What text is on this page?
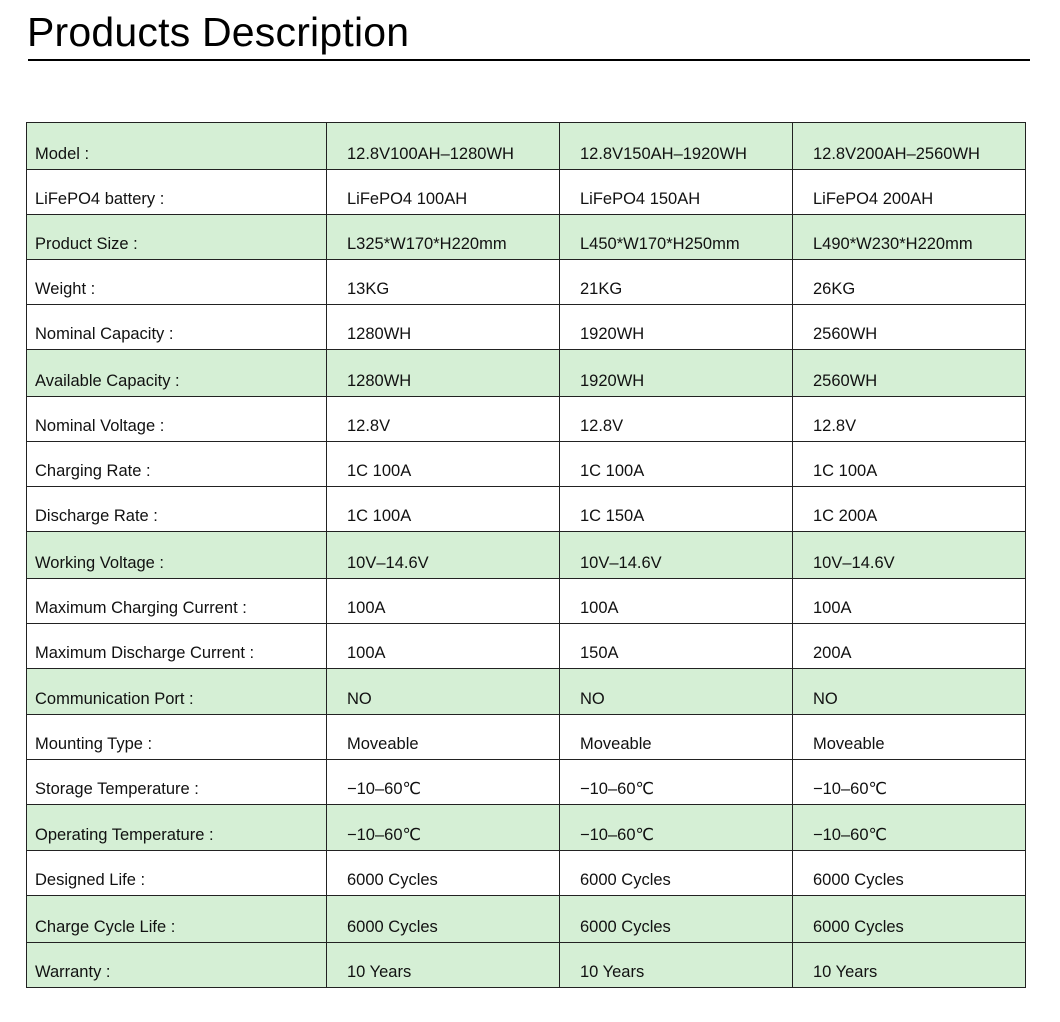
Products Description
Model :	12.8V100AH–1280WH	12.8V150AH–1920WH	12.8V200AH–2560WH
LiFePO4 battery :	LiFePO4 100AH	LiFePO4 150AH	LiFePO4 200AH
Product Size :	L325*W170*H220mm	L450*W170*H250mm	L490*W230*H220mm
Weight :	13KG	21KG	26KG
Nominal Capacity :	1280WH	1920WH	2560WH
Available Capacity :	1280WH	1920WH	2560WH
Nominal Voltage :	12.8V	12.8V	12.8V
Charging Rate :	1C 100A	1C 100A	1C 100A
Discharge Rate :	1C 100A	1C 150A	1C 200A
Working Voltage :	10V–14.6V	10V–14.6V	10V–14.6V
Maximum Charging Current :	100A	100A	100A
Maximum Discharge Current :	100A	150A	200A
Communication Port :	NO	NO	NO
Mounting Type :	Moveable	Moveable	Moveable
Storage Temperature :	−10–60℃	−10–60℃	−10–60℃
Operating Temperature :	−10–60℃	−10–60℃	−10–60℃
Designed Life :	6000 Cycles	6000 Cycles	6000 Cycles
Charge Cycle Life :	6000 Cycles	6000 Cycles	6000 Cycles
Warranty :	10 Years	10 Years	10 Years
